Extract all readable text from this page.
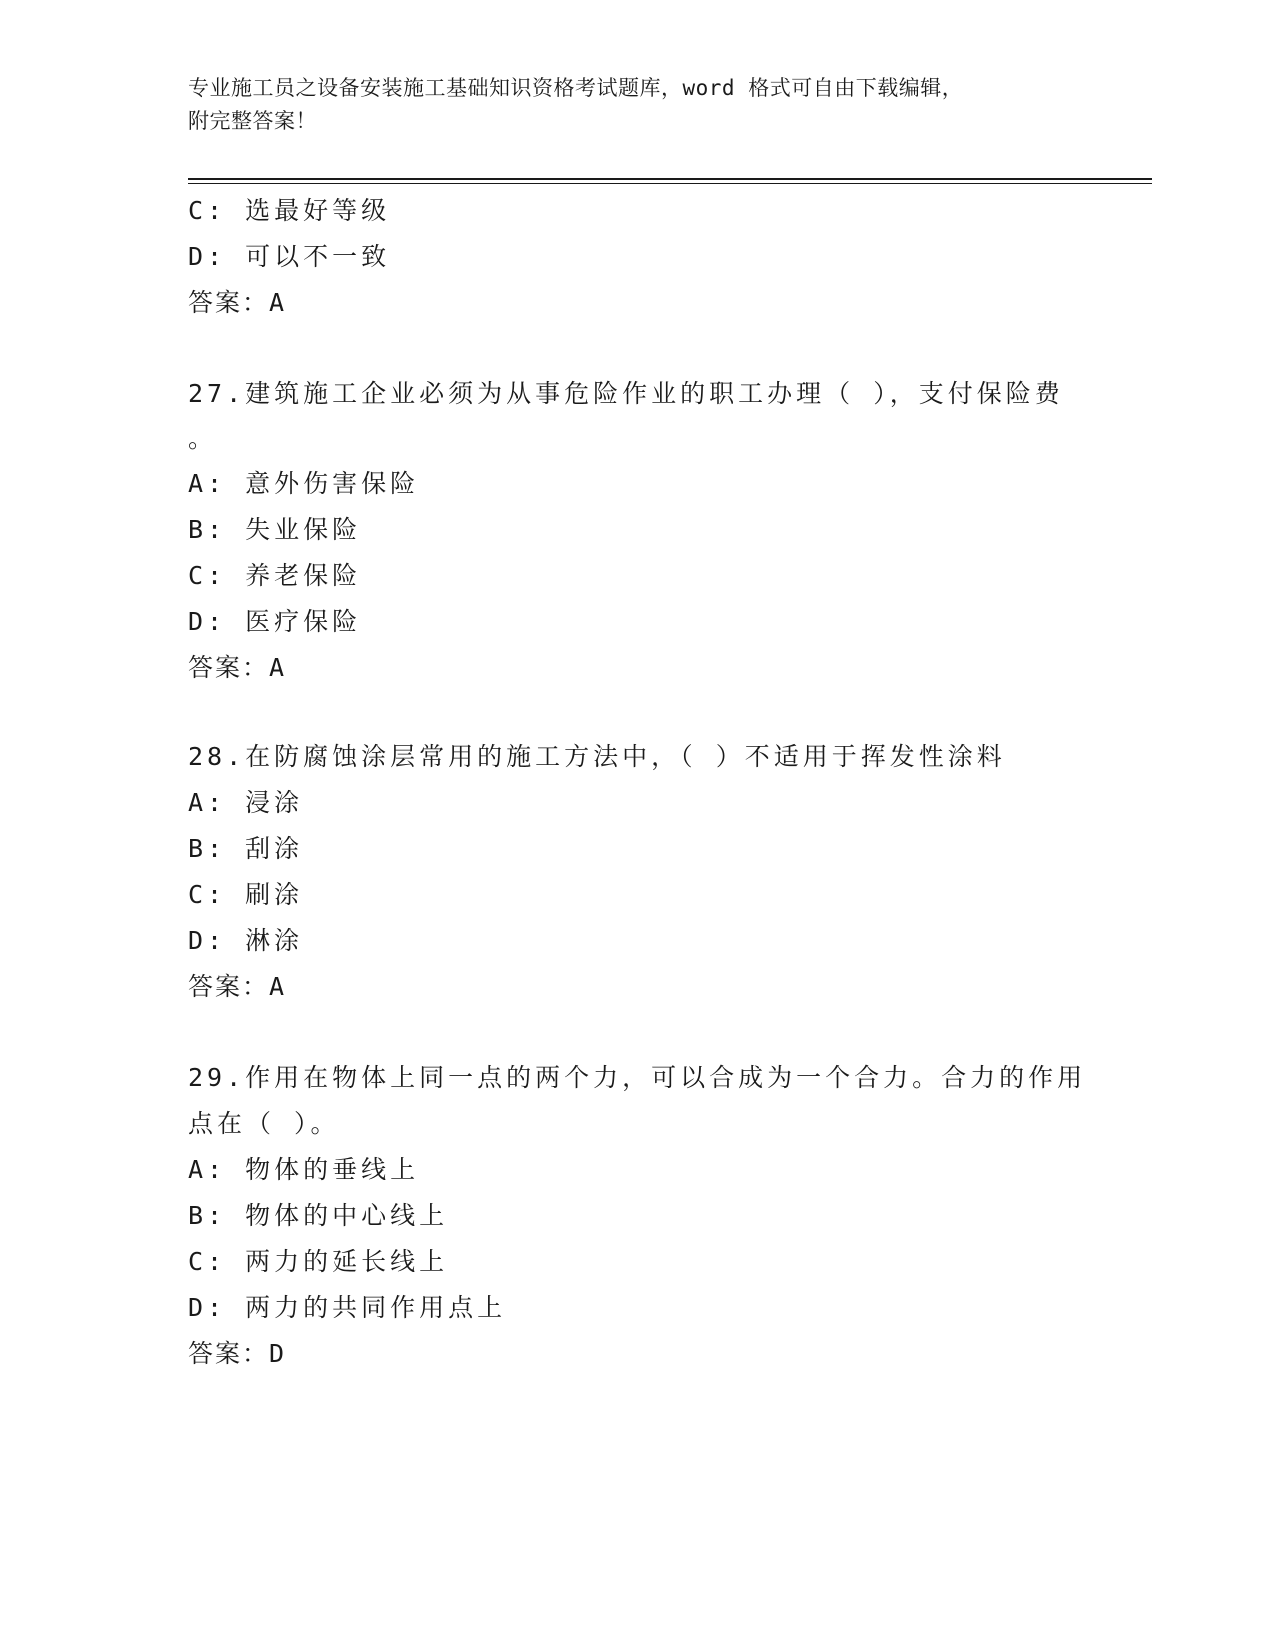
专业施工员之设备安装施工基础知识资格考试题库，word 格式可自由下载编辑，
附完整答案！
C: 选最好等级
D: 可以不一致
答案：A
27.建筑施工企业必须为从事危险作业的职工办理（ ），支付保险费
。
A: 意外伤害保险
B: 失业保险
C: 养老保险
D: 医疗保险
答案：A
28.在防腐蚀涂层常用的施工方法中，（ ）不适用于挥发性涂料
A: 浸涂
B: 刮涂
C: 刷涂
D: 淋涂
答案：A
29.作用在物体上同一点的两个力，可以合成为一个合力。合力的作用
点在（ ）。
A: 物体的垂线上
B: 物体的中心线上
C: 两力的延长线上
D: 两力的共同作用点上
答案：D
